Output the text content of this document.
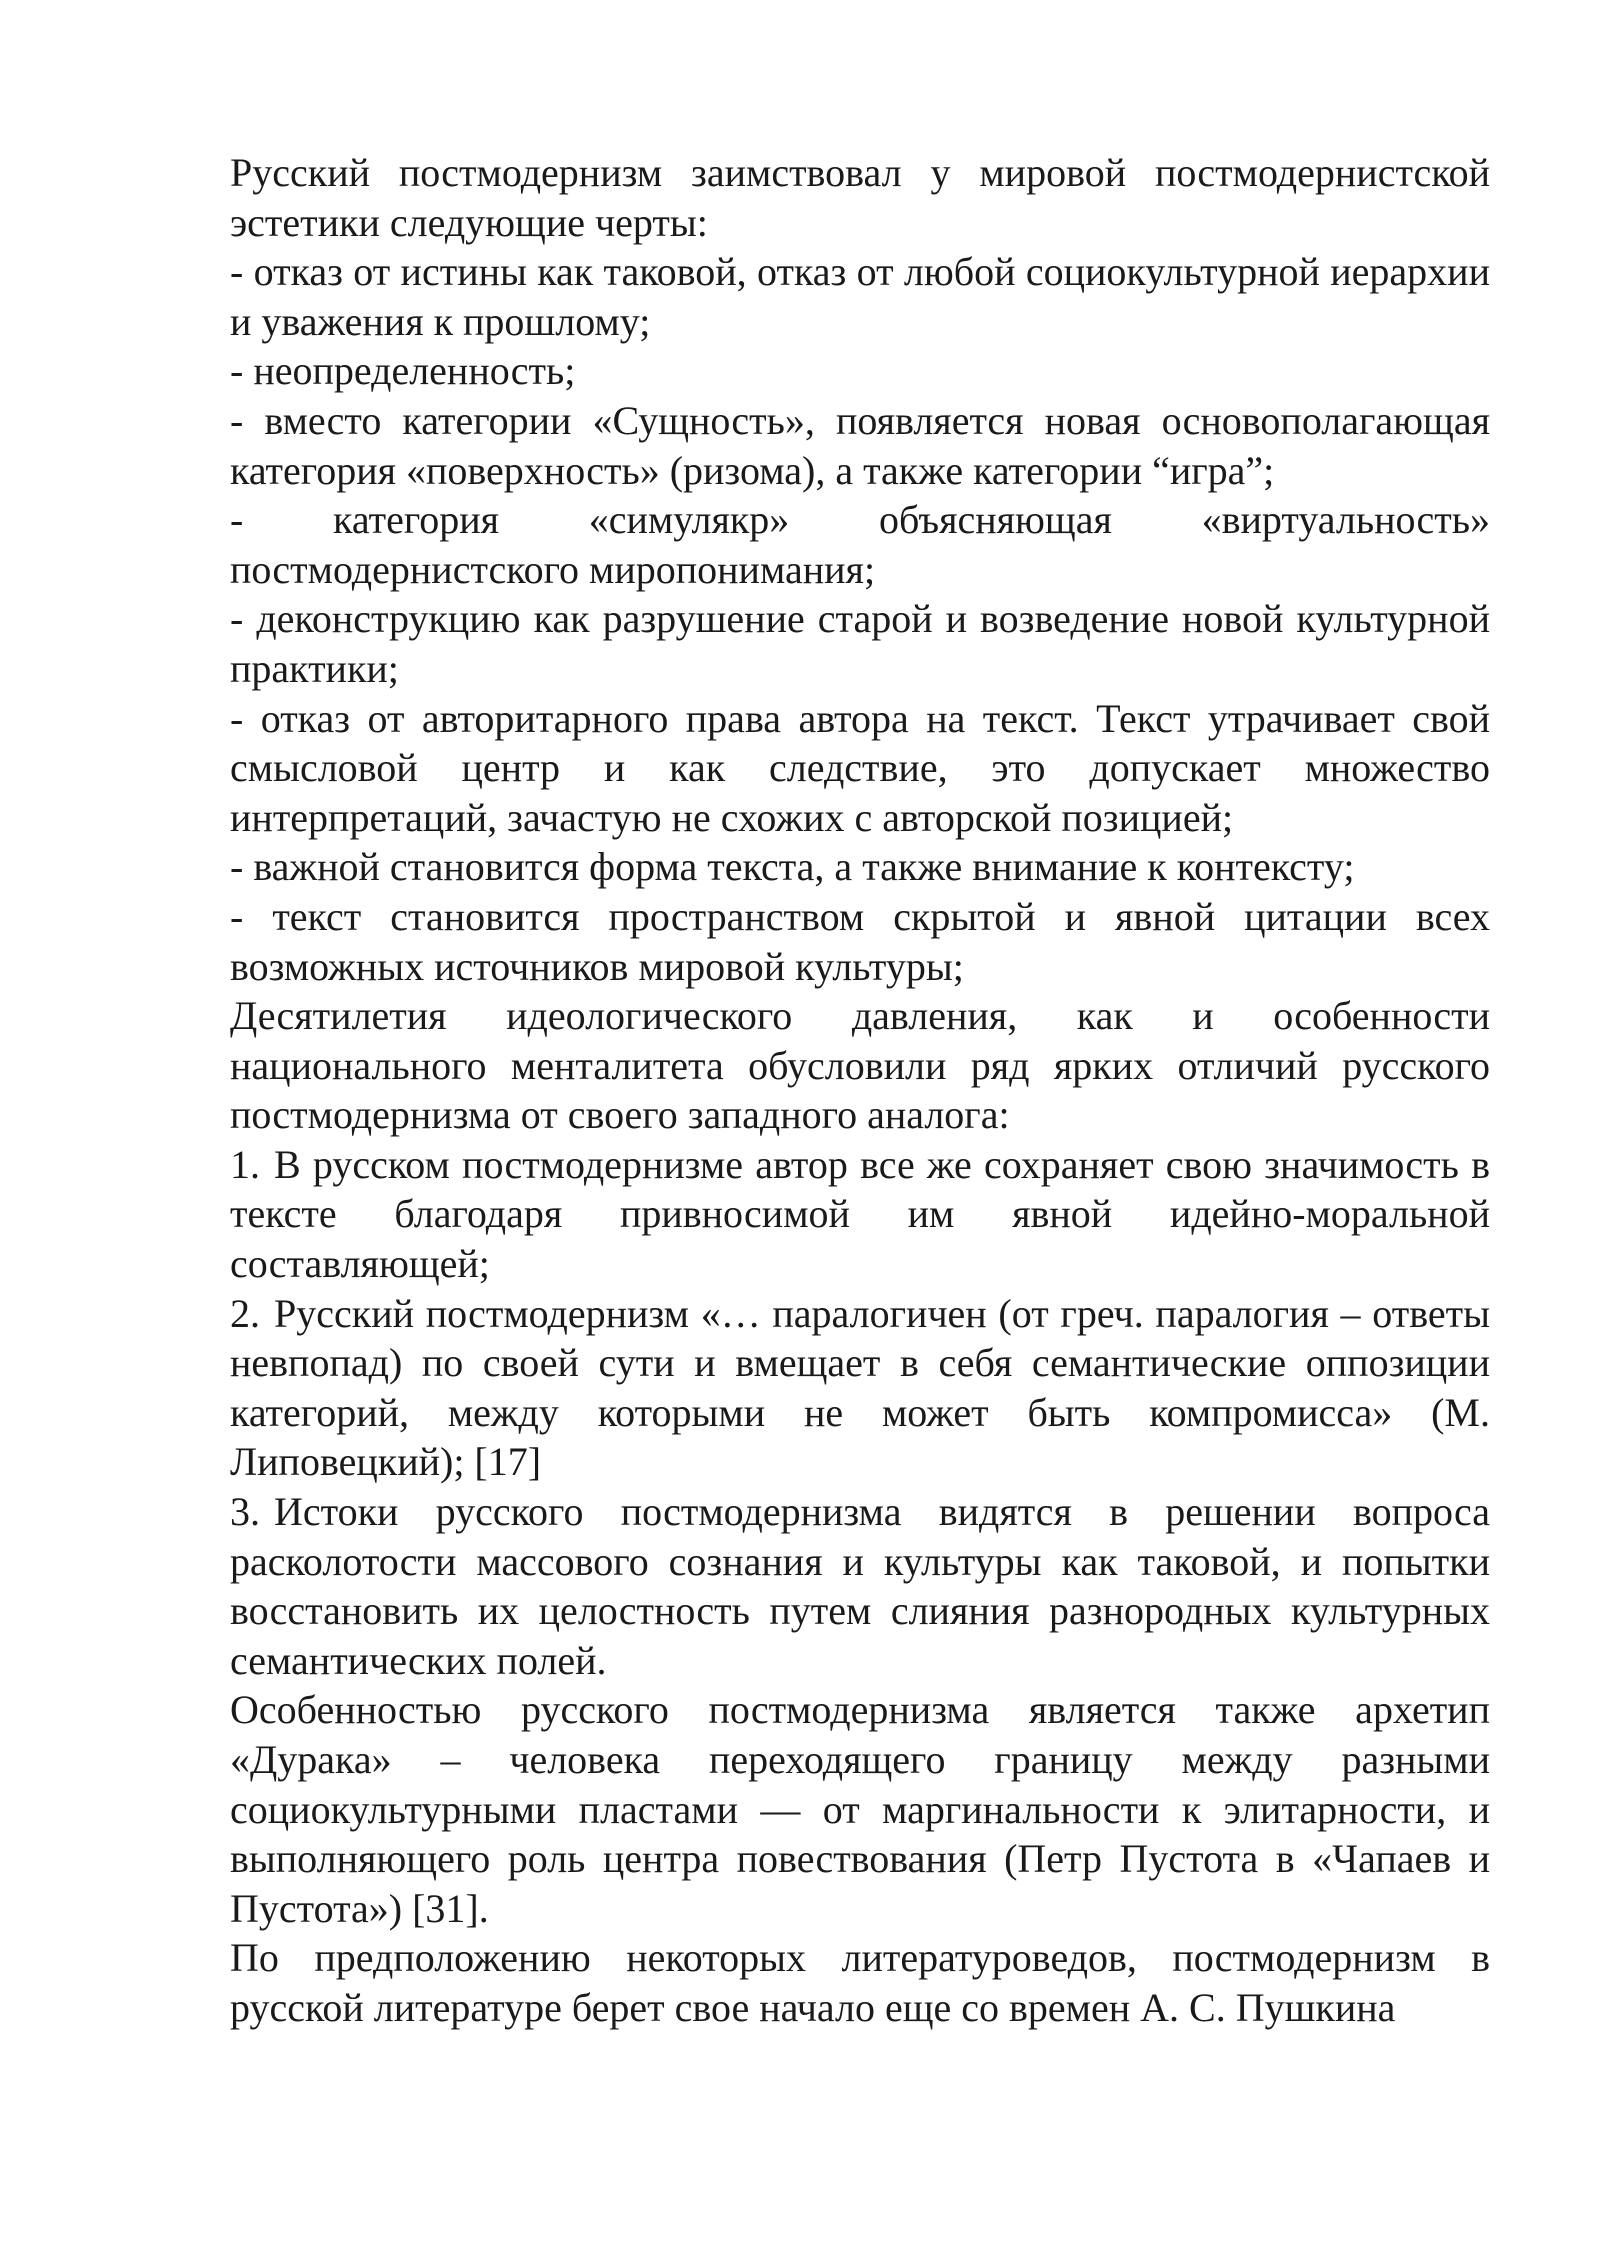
Русский постмодернизм заимствовал у мировой постмодернистской эстетики следующие черты:

- отказ от истины как таковой, отказ от любой социокультурной иерархии и уважения к прошлому;

- неопределенность;

- вместо категории «Сущность», появляется новая основополагающая категория «поверхность» (ризома), а также категории “игра”;

- категория «симулякр» объясняющая «виртуальность» постмодернистского миропонимания;

- деконструкцию как разрушение старой и возведение новой культурной практики;

- отказ от авторитарного права автора на текст. Текст утрачивает свой смысловой центр и как следствие, это допускает множество интерпретаций, зачастую не схожих с авторской позицией;

- важной становится форма текста, а также внимание к контексту;

- текст становится пространством скрытой и явной цитации всех возможных источников мировой культуры;

Десятилетия идеологического давления, как и особенности национального менталитета обусловили ряд ярких отличий русского постмодернизма от своего западного аналога:

1. В русском постмодернизме автор все же сохраняет свою значимость в тексте благодаря привносимой им явной идейно-моральной составляющей;

2. Русский постмодернизм «… паралогичен (от греч. паралогия – ответы невпопад) по своей сути и вмещает в себя семантические оппозиции категорий, между которыми не может быть компромисса» (М. Липовецкий); [17]

3. Истоки русского постмодернизма видятся в решении вопроса расколотости массового сознания и культуры как таковой, и попытки восстановить их целостность путем слияния разнородных культурных семантических полей.

Особенностью русского постмодернизма является также архетип «Дурака» – человека переходящего границу между разными социокультурными пластами — от маргинальности к элитарности, и выполняющего роль центра повествования (Петр Пустота в «Чапаев и Пустота») [31].

По предположению некоторых литературоведов, постмодернизм в русской литературе берет свое начало еще со времен А. С. Пушкина
